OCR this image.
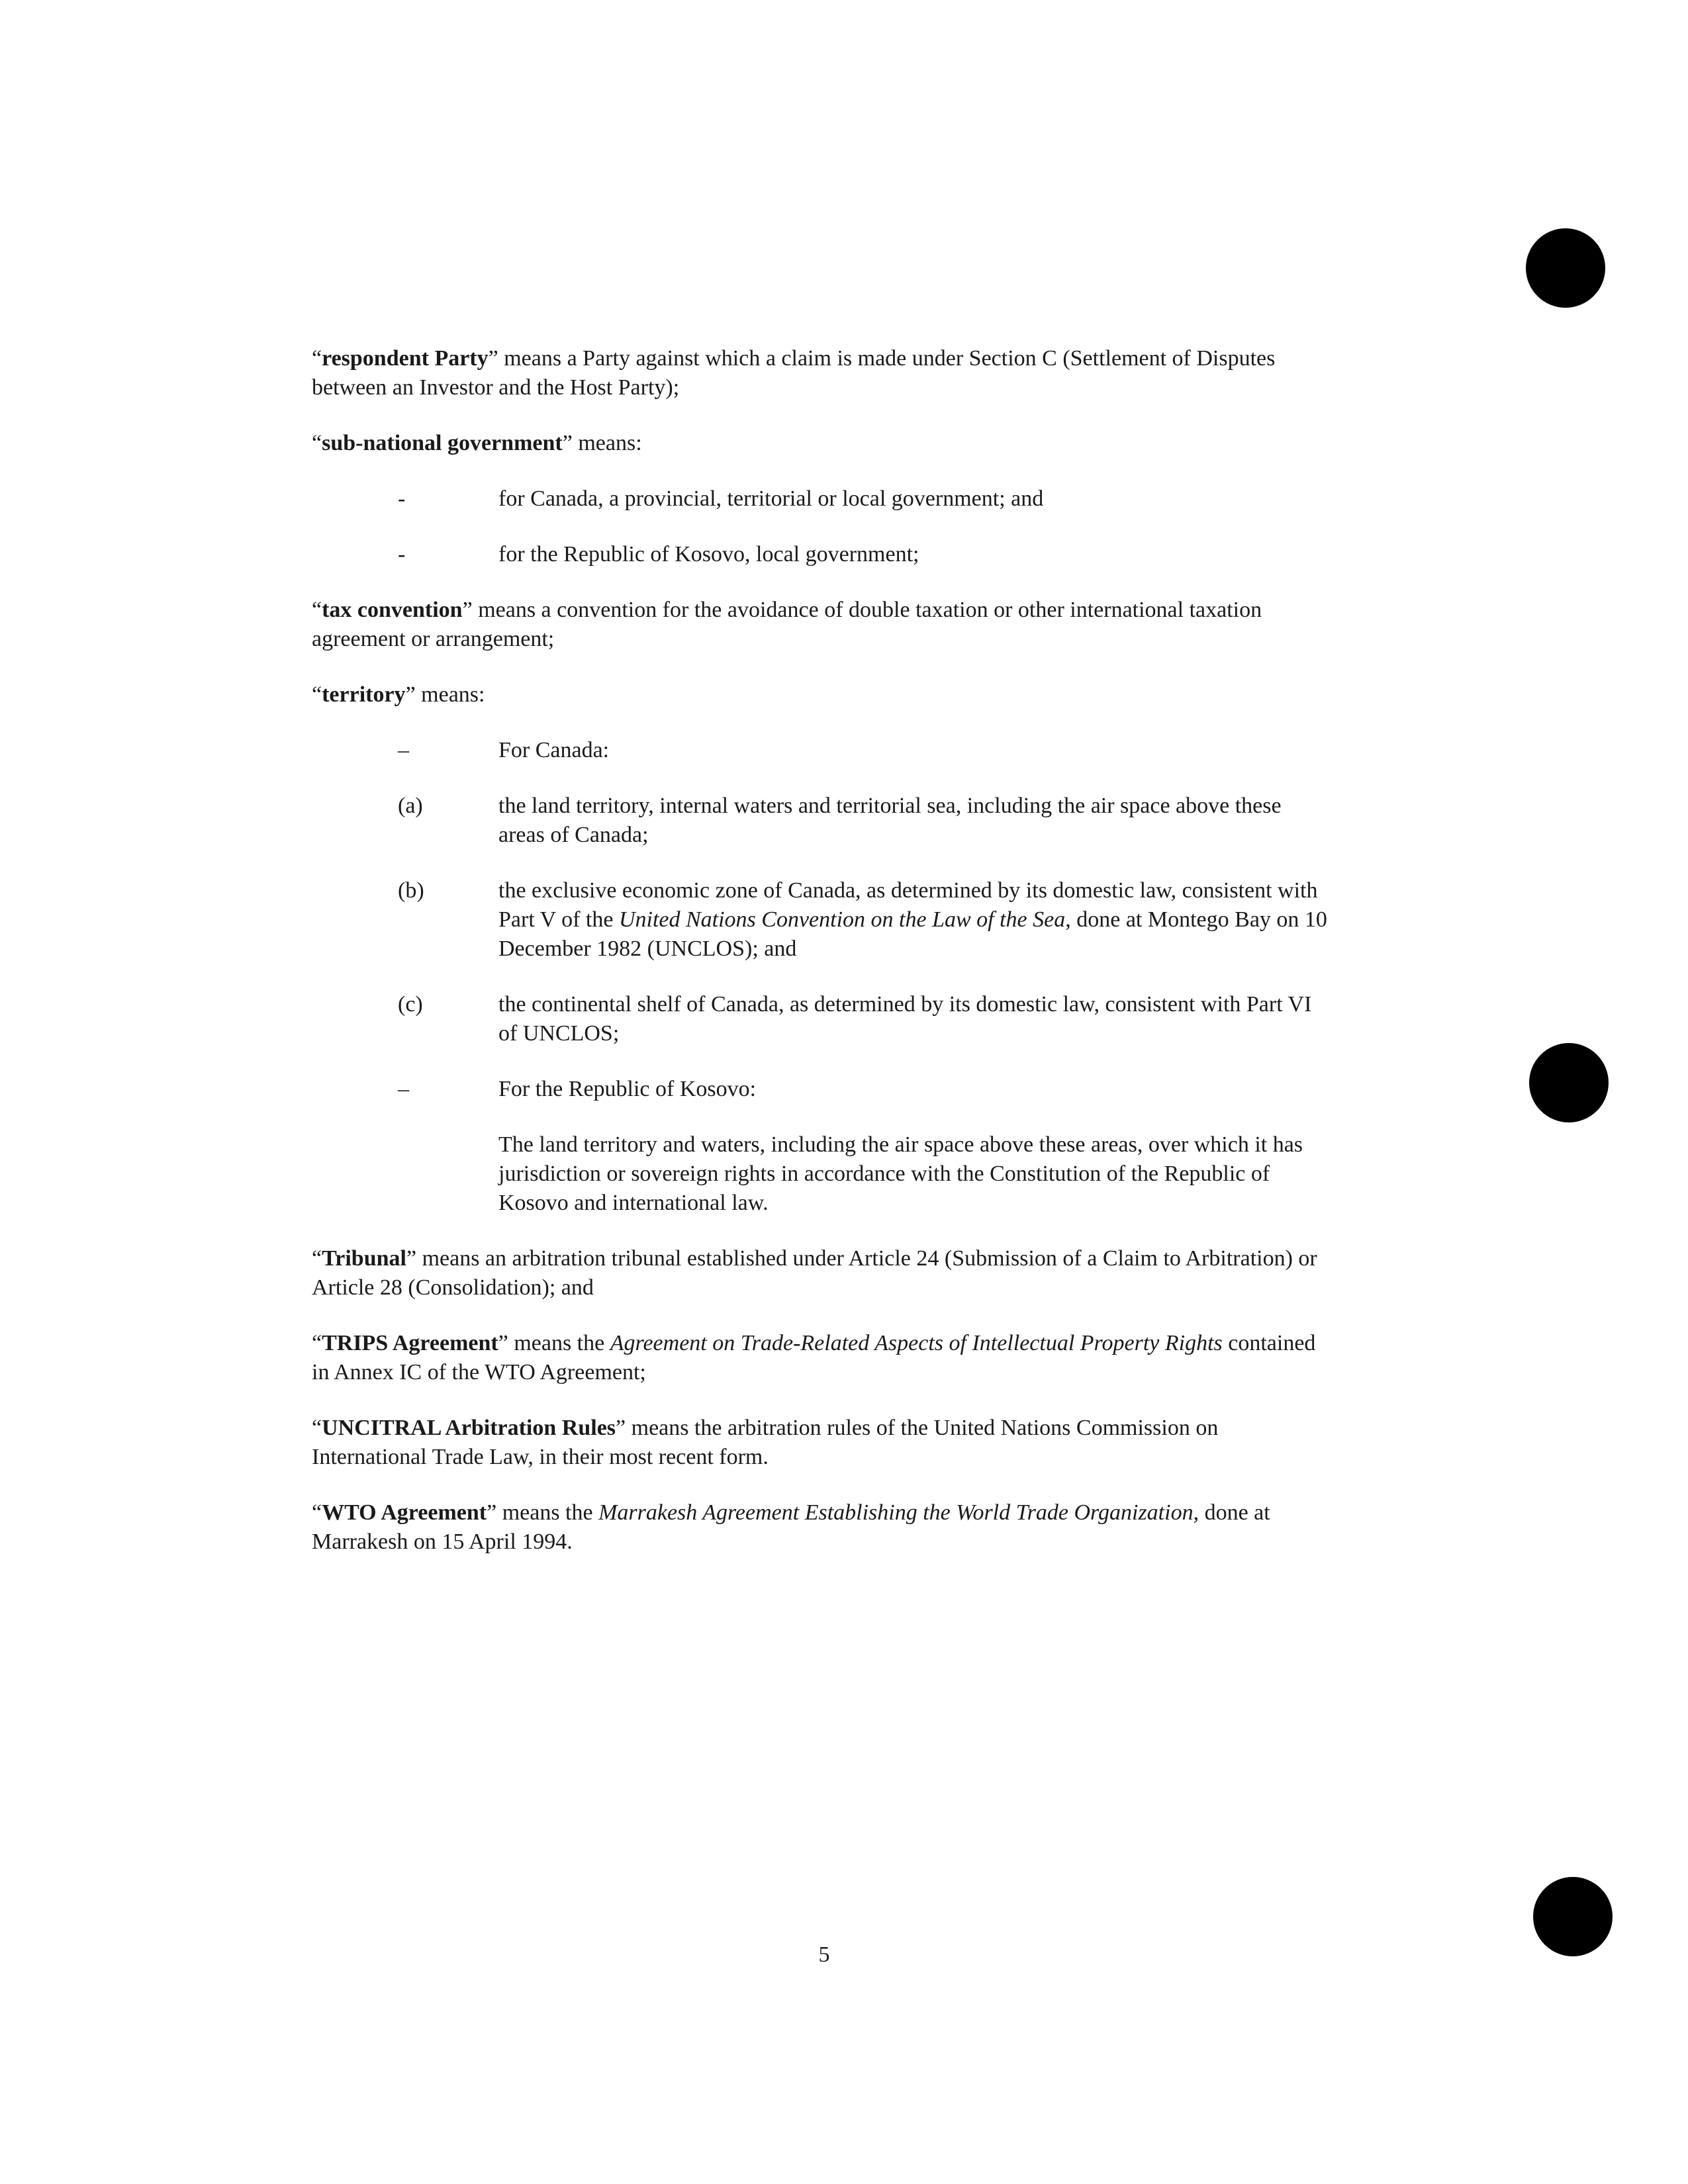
“respondent Party” means a Party against which a claim is made under Section C (Settlement of Disputes between an Investor and the Host Party);

“sub-national government” means:

-	for Canada, a provincial, territorial or local government; and
-	for the Republic of Kosovo, local government;

“tax convention” means a convention for the avoidance of double taxation or other international taxation agreement or arrangement;

“territory” means:

–	For Canada:
(a)	the land territory, internal waters and territorial sea, including the air space above these areas of Canada;
(b)	the exclusive economic zone of Canada, as determined by its domestic law, consistent with Part V of the United Nations Convention on the Law of the Sea, done at Montego Bay on 10 December 1982 (UNCLOS); and
(c)	the continental shelf of Canada, as determined by its domestic law, consistent with Part VI of UNCLOS;
–	For the Republic of Kosovo:

The land territory and waters, including the air space above these areas, over which it has jurisdiction or sovereign rights in accordance with the Constitution of the Republic of Kosovo and international law.

“Tribunal” means an arbitration tribunal established under Article 24 (Submission of a Claim to Arbitration) or Article 28 (Consolidation); and

“TRIPS Agreement” means the Agreement on Trade-Related Aspects of Intellectual Property Rights contained in Annex IC of the WTO Agreement;

“UNCITRAL Arbitration Rules” means the arbitration rules of the United Nations Commission on International Trade Law, in their most recent form.

“WTO Agreement” means the Marrakesh Agreement Establishing the World Trade Organization, done at Marrakesh on 15 April 1994.

5
